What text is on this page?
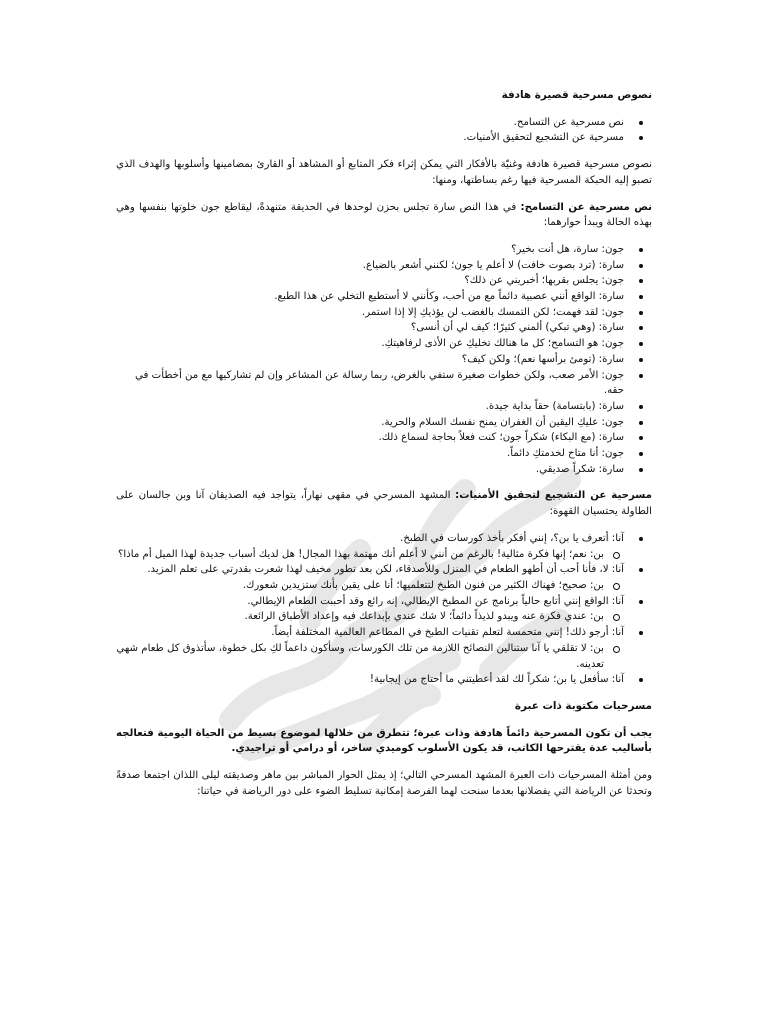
نصوص مسرحية قصيرة هادفة
نص مسرحية عن التسامح.
مسرحية عن التشجيع لتحقيق الأمنيات.

نصوص مسرحية قصيرة هادفة وغنيّة بالأفكار التي يمكن إثراء فكر المتابع أو المشاهد أو القارئ بمضامينها وأسلوبها والهدف الذي تصبو إليه الحبكة المسرحية فيها رغم بساطتها، ومنها:

نص مسرحية عن التسامح: في هذا النص سارة تجلس بحزن لوحدها في الحديقة متنهدةً، ليقاطع جون خلوتها بنفسها وهي بهذه الحالة ويبدأ حوارهما:

جون: سارة، هل أنت بخير؟
سارة: (ترد بصوت خافت) لا أعلم يا جون؛ لكنني أشعر بالضياع.
جون: يجلس بقربها؛ أخبريني عن ذلك؟
سارة: الواقع أنني عصبية دائماً مع من أحب، وكأنني لا أستطيع التخلي عن هذا الطبع.
جون: لقد فهمت؛ لكن التمسك بالغضب لن يؤذيكِ إلا إذا استمر.
سارة: (وهي تبكي) ألمني كثيرًا؛ كيف لي أن أنسى؟
جون: هو التسامح؛ كل ما هنالك تخليكِ عن الأذى لرفاهيتكِ.
سارة: (تومئ برأسها نعم)؛ ولكن كيف؟
جون: الأمر صعب، ولكن خطوات صغيرة ستفي بالغرض، ربما رسالة عن المشاعر وإن لم تشاركيها مع من أخطأت في حقه.
سارة: (بابتسامة) حقاً بداية جيدة.
جون: عليكِ اليقين أن الغفران يمنح نفسك السلام والحرية.
سارة: (مع البكاء) شكراً جون؛ كنت فعلاً بحاجة لسماع ذلك.
جون: أنا متاح لخدمتكِ دائماً.
سارة: شكراً صديقي.

مسرحية عن التشجيع لتحقيق الأمنيات: المشهد المسرحي في مقهى نهاراً، يتواجد فيه الصديقان آنا وبن جالسان على الطاولة يحتسيان القهوة:

آنا: أتعرف يا بن؟، إنني أفكر بأخذ كورسات في الطبخ.
بن: نعم؛ إنها فكرة مثالية! بالرغم من أنني لا أعلم أنك مهتمة بهذا المجال! هل لديك أسباب جديدة لهذا الميل أم ماذا؟
آنا: لا، فأنا أحب أن أطهو الطعام في المنزل وللأصدقاء، لكن بعد تطور مخيف لهذا شعرت بقدرتي على تعلم المزيد.
بن: صحيح؛ فهناك الكثير من فنون الطبخ لتتعلميها؛ أنا على يقين بأنك ستزيدين شعورك.
آنا: الواقع إنني أتابع حالياً برنامج عن المطبخ الإيطالي، إنه رائع وقد أحببت الطعام الإيطالي.
بن: عندي فكرة عنه ويبدو لذيذاً دائماً؛ لا شك عندي بإبداعك فيه وإعداد الأطباق الرائعة.
آنا: أرجو ذلك! إنني متحمسة لتعلم تقنيات الطبخ في المطاعم العالمية المختلفة أيضاً.
بن: لا تقلقي يا آنا ستنالين النصائح اللازمة من تلك الكورسات، وسأكون داعماً لكِ بكل خطوة، سأتذوق كل طعام شهي تعدينه.
آنا: سأفعل يا بن؛ شكراً لك لقد أعطيتني ما أحتاج من إيجابية!
مسرحيات مكتوبة ذات عبرة

يجب أن تكون المسرحية دائماً هادفة وذات عبرة؛ تتطرق من خلالها لموضوع بسيط من الحياة اليومية فتعالجه بأساليب عدة يقترحها الكاتب، قد يكون الأسلوب كوميدي ساخر، أو درامي أو تراجيدي.

ومن أمثلة المسرحيات ذات العبرة المشهد المسرحي التالي؛ إذ يمثل الحوار المباشر بين ماهر وصديقته ليلى اللذان اجتمعا صدفةً وتحدثا عن الرياضة التي يفضلانها بعدما سنحت لهما الفرصة إمكانية تسليط الضوء على دور الرياضة في حياتنا:
